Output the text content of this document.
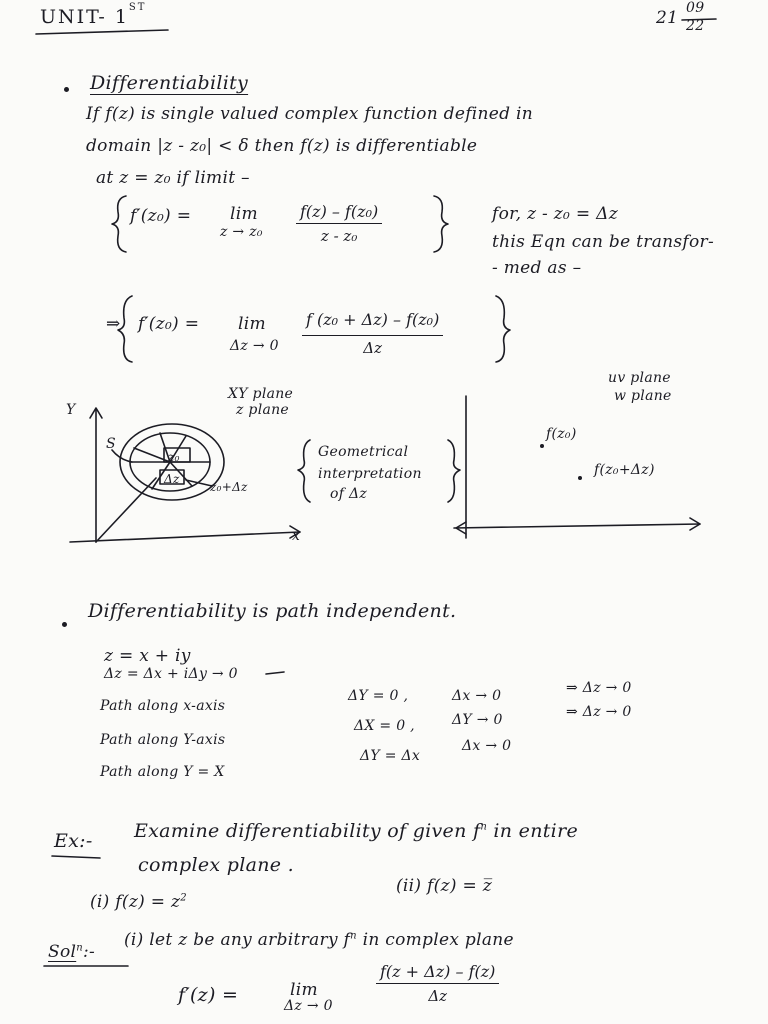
UNIT- 1ST
21 09
22
Differentiability
If f(z) is single valued complex function defined in
domain |z - z₀| < δ then f(z) is differentiable
at z = z₀ if limit –
f′(z₀) = lim
$z \to z_0 \frac{\text{f(z) – f(z₀)}}{\text{z - z₀}}$	for, z - z₀ = Δz
this Eqn can be transfor-
- med as –
⇒ f′(z₀) = lim
$\Delta z \to 0 \frac{\text{f (z₀ + Δz) – f(z₀)}}{\Delta z}$
XY plane
z plane
Y
x
S
z₀
Δz
z₀+Δz
Geometrical
interpretation
of Δz
uv plane
w plane
f(z₀)
f(z₀+Δz)
Differentiability is path independent.
z = x + iy
Δz = Δx + iΔy → 0
Path along x-axis
ΔY = 0 ,	Δx → 0	⇒ Δz → 0
Path along Y-axis
ΔX = 0 ,	ΔY → 0	⇒ Δz → 0
Path along Y = X
ΔY = Δx
Δx → 0
Ex:- Examine differentiability of given $f^n$ in entire
complex plane .
(i) $f(z) = z^2$
(ii) f(z) = z̅
Sol$^n$:-
(i) let z be any arbitrary $f^n$ in complex plane
f′(z) =	lim
Δz → 0
$\frac{f(z + \Delta z) - f(z)}{\Delta z}$
